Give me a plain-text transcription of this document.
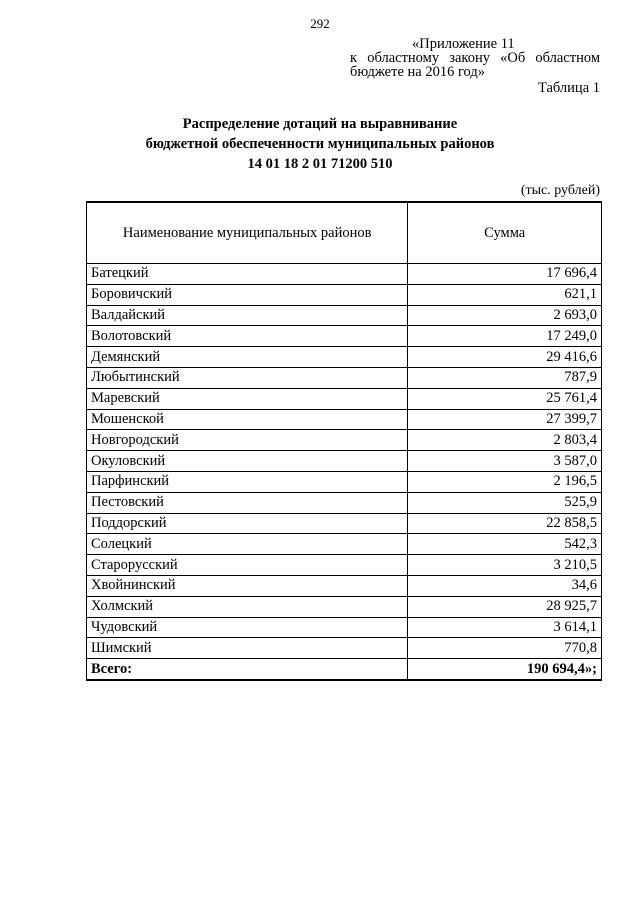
292
«Приложение 11
к областному закону «Об областном
бюджете на 2016 год»
Таблица 1
Распределение дотаций на выравнивание
бюджетной обеспеченности муниципальных районов
14 01 18 2 01 71200 510
(тыс. рублей)
Наименование муниципальных районов	Сумма
Батецкий	17 696,4
Боровичский	621,1
Валдайский	2 693,0
Волотовский	17 249,0
Демянский	29 416,6
Любытинский	787,9
Маревский	25 761,4
Мошенской	27 399,7
Новгородский	2 803,4
Окуловский	3 587,0
Парфинский	2 196,5
Пестовский	525,9
Поддорский	22 858,5
Солецкий	542,3
Старорусский	3 210,5
Хвойнинский	34,6
Холмский	28 925,7
Чудовский	3 614,1
Шимский	770,8
Всего:	190 694,4»;
